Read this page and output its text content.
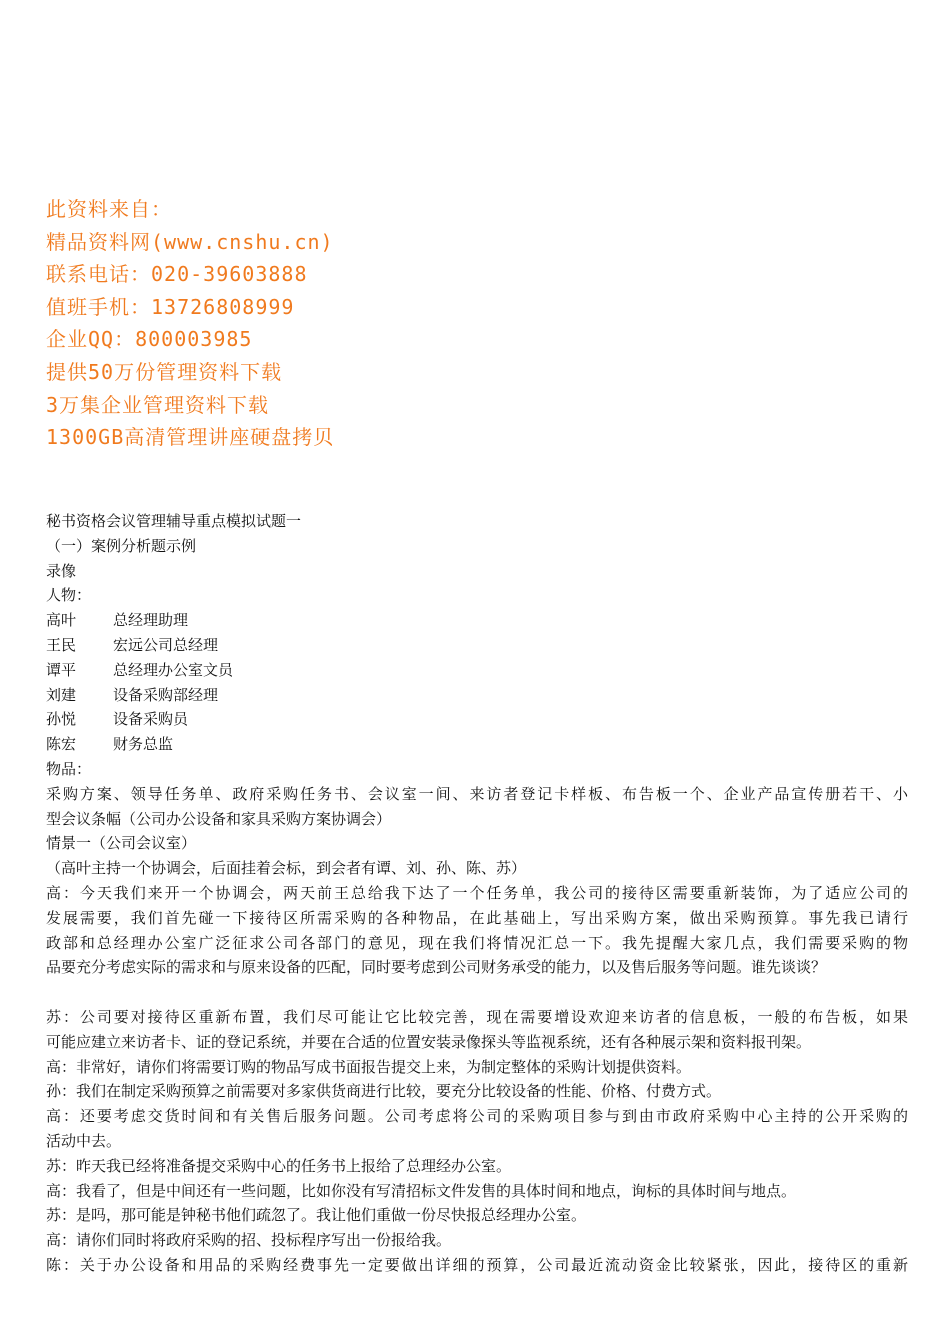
此资料来自：
精品资料网(www.cnshu.cn)
联系电话：020-39603888
值班手机：13726808999
企业QQ：800003985
提供50万份管理资料下载
3万集企业管理资料下载
1300GB高清管理讲座硬盘拷贝
秘书资格会议管理辅导重点模拟试题一
（一）案例分析题示例
录像
人物：
高叶 总经理助理
王民 宏远公司总经理
谭平 总经理办公室文员
刘建 设备采购部经理
孙悦 设备采购员
陈宏 财务总监
物品：
采购方案、领导任务单、政府采购任务书、会议室一间、来访者登记卡样板、布告板一个、企业产品宣传册若干、小
型会议条幅（公司办公设备和家具采购方案协调会）
情景一（公司会议室）
（高叶主持一个协调会，后面挂着会标，到会者有谭、刘、孙、陈、苏）
高：今天我们来开一个协调会，两天前王总给我下达了一个任务单，我公司的接待区需要重新装饰，为了适应公司的
发展需要，我们首先碰一下接待区所需采购的各种物品，在此基础上，写出采购方案，做出采购预算。事先我已请行
政部和总经理办公室广泛征求公司各部门的意见，现在我们将情况汇总一下。我先提醒大家几点，我们需要采购的物
品要充分考虑实际的需求和与原来设备的匹配，同时要考虑到公司财务承受的能力，以及售后服务等问题。谁先谈谈？
苏：公司要对接待区重新布置，我们尽可能让它比较完善，现在需要增设欢迎来访者的信息板，一般的布告板，如果
可能应建立来访者卡、证的登记系统，并要在合适的位置安装录像探头等监视系统，还有各种展示架和资料报刊架。
高：非常好，请你们将需要订购的物品写成书面报告提交上来，为制定整体的采购计划提供资料。
孙：我们在制定采购预算之前需要对多家供货商进行比较，要充分比较设备的性能、价格、付费方式。
高：还要考虑交货时间和有关售后服务问题。公司考虑将公司的采购项目参与到由市政府采购中心主持的公开采购的
活动中去。
苏：昨天我已经将准备提交采购中心的任务书上报给了总理经办公室。
高：我看了，但是中间还有一些问题，比如你没有写清招标文件发售的具体时间和地点，询标的具体时间与地点。
苏：是吗，那可能是钟秘书他们疏忽了。我让他们重做一份尽快报总经理办公室。
高：请你们同时将政府采购的招、投标程序写出一份报给我。
陈：关于办公设备和用品的采购经费事先一定要做出详细的预算，公司最近流动资金比较紧张，因此，接待区的重新
